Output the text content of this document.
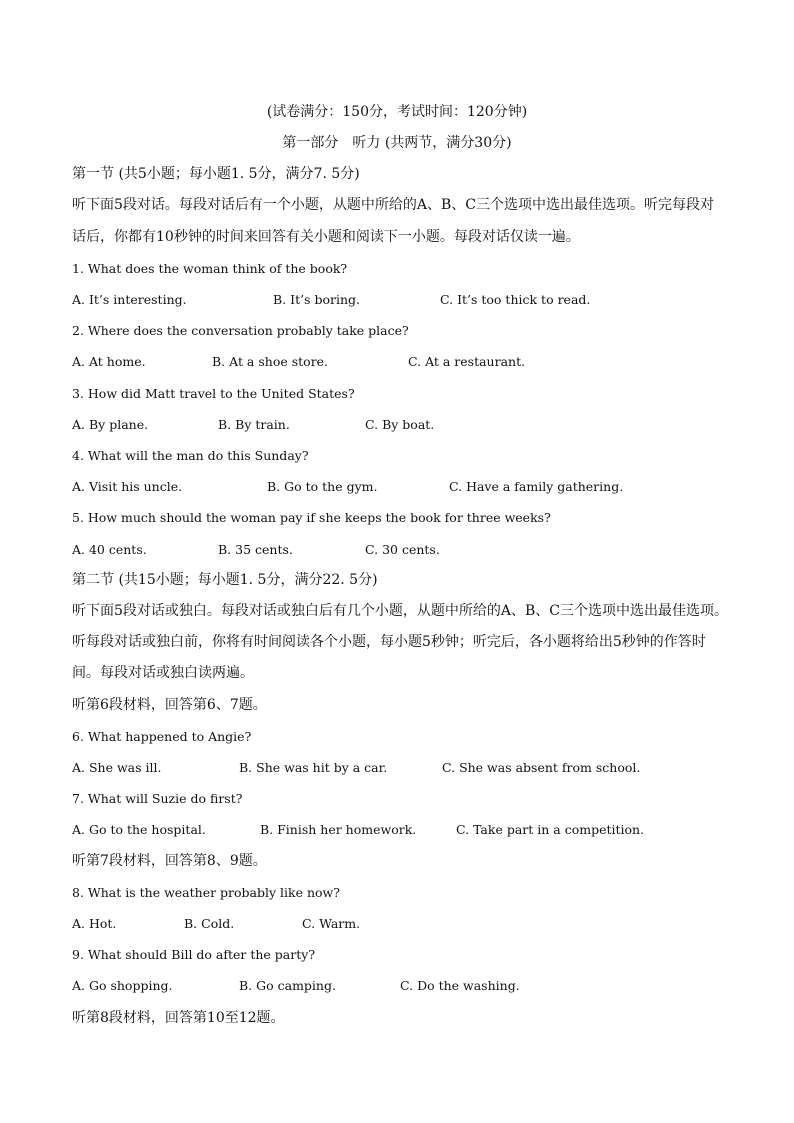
(试卷满分：150分，考试时间：120分钟)
第一部分　听力 (共两节，满分30分)
第一节 (共5小题；每小题1. 5分，满分7. 5分)
听下面5段对话。每段对话后有一个小题，从题中所给的A、B、C三个选项中选出最佳选项。听完每段对
话后，你都有10秒钟的时间来回答有关小题和阅读下一小题。每段对话仅读一遍。
1. What does the woman think of the book?
A. It’s interesting.	B. It’s boring.	C. It’s too thick to read.
2. Where does the conversation probably take place?
A. At home.	B. At a shoe store.	C. At a restaurant.
3. How did Matt travel to the United States?
A. By plane.	B. By train.	C. By boat.
4. What will the man do this Sunday?
A. Visit his uncle.	B. Go to the gym.	C. Have a family gathering.
5. How much should the woman pay if she keeps the book for three weeks?
A. 40 cents.	B. 35 cents.	C. 30 cents.
第二节 (共15小题；每小题1. 5分，满分22. 5分)
听下面5段对话或独白。每段对话或独白后有几个小题，从题中所给的A、B、C三个选项中选出最佳选项。
听每段对话或独白前，你将有时间阅读各个小题，每小题5秒钟；听完后，各小题将给出5秒钟的作答时
间。每段对话或独白读两遍。
听第6段材料，回答第6、7题。
6. What happened to Angie?
A. She was ill.	B. She was hit by a car.	C. She was absent from school.
7. What will Suzie do first?
A. Go to the hospital.	B. Finish her homework.	C. Take part in a competition.
听第7段材料，回答第8、9题。
8. What is the weather probably like now?
A. Hot.	B. Cold.	C. Warm.
9. What should Bill do after the party?
A. Go shopping.	B. Go camping.	C. Do the washing.
听第8段材料，回答第10至12题。
